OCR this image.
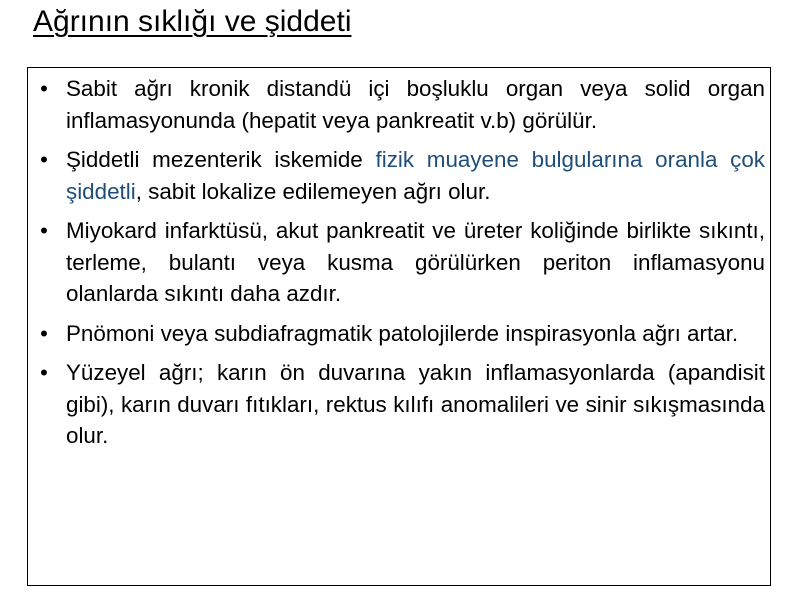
Ağrının sıklığı ve şiddeti
• Sabit ağrı kronik distandü içi boşluklu organ veya solid organ inflamasyonunda (hepatit veya pankreatit v.b) görülür.
• Şiddetli mezenterik iskemide fizik muayene bulgularına oranla çok şiddetli, sabit lokalize edilemeyen ağrı olur.
• Miyokard infarktüsü, akut pankreatit ve üreter koliğinde birlikte sıkıntı, terleme, bulantı veya kusma görülürken periton inflamasyonu olanlarda sıkıntı daha azdır.
• Pnömoni veya subdiafragmatik patolojilerde inspirasyonla ağrı artar.
• Yüzeyel ağrı; karın ön duvarına yakın inflamasyonlarda (apandisit gibi), karın duvarı fıtıkları, rektus kılıfı anomalileri ve sinir sıkışmasında olur.
